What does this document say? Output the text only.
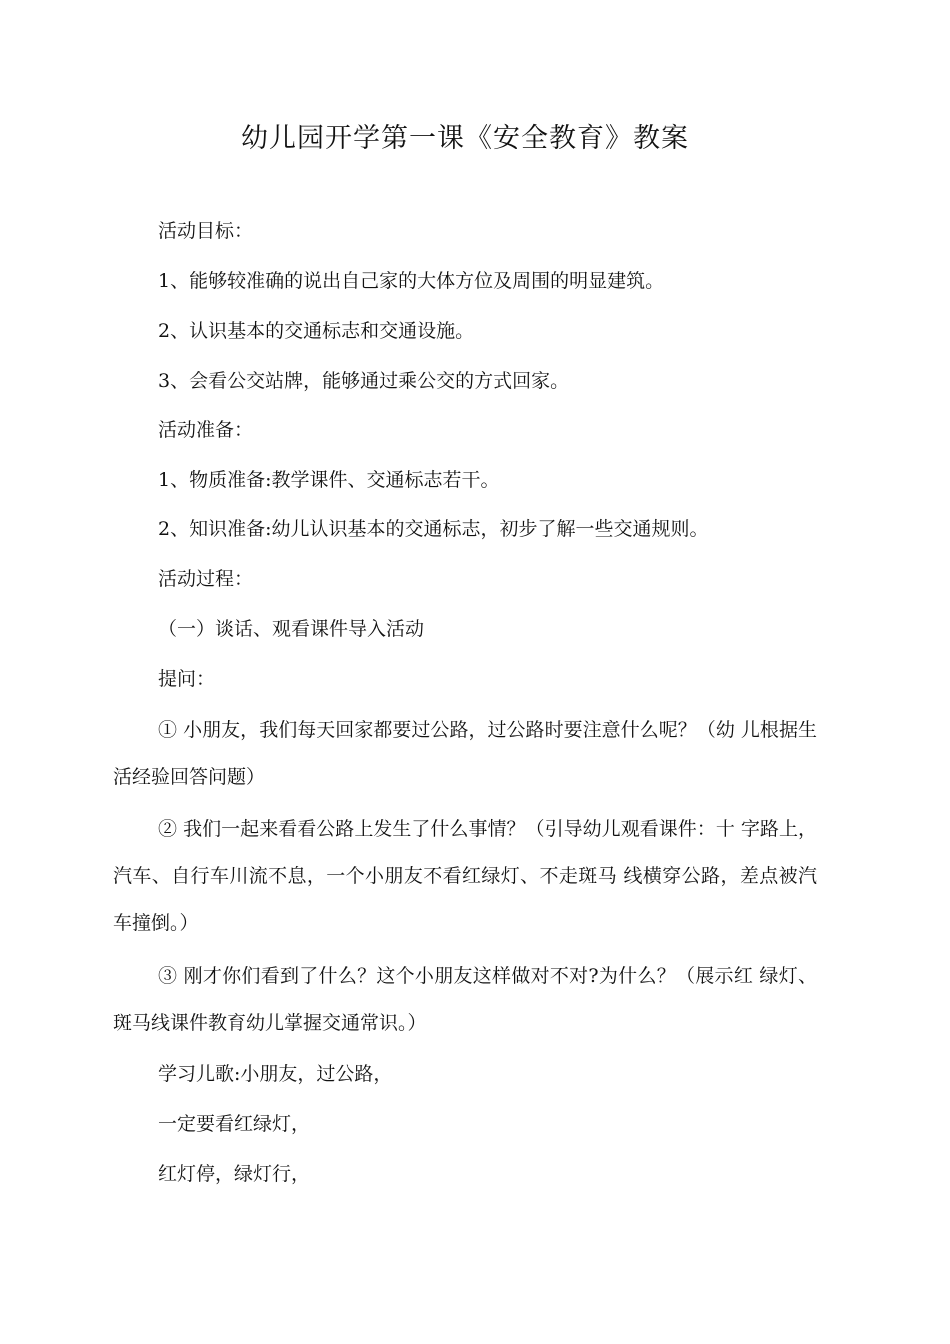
幼儿园开学第一课《安全教育》教案
活动目标：
1、能够较准确的说出自己家的大体方位及周围的明显建筑。
2、认识基本的交通标志和交通设施。
3、会看公交站牌，能够通过乘公交的方式回家。
活动准备：
1、物质准备:教学课件、交通标志若干。
2、知识准备:幼儿认识基本的交通标志，初步了解一些交通规则。
活动过程：
（一）谈话、观看课件导入活动
提问：
① 小朋友，我们每天回家都要过公路，过公路时要注意什么呢？（幼 儿根据生活经验回答问题）
② 我们一起来看看公路上发生了什么事情？（引导幼儿观看课件：十 字路上，汽车、自行车川流不息，一个小朋友不看红绿灯、不走斑马 线横穿公路，差点被汽车撞倒。）
③ 刚才你们看到了什么？这个小朋友这样做对不对?为什么？（展示红 绿灯、斑马线课件教育幼儿掌握交通常识。）
学习儿歌:小朋友，过公路，
一定要看红绿灯，
红灯停，绿灯行，
